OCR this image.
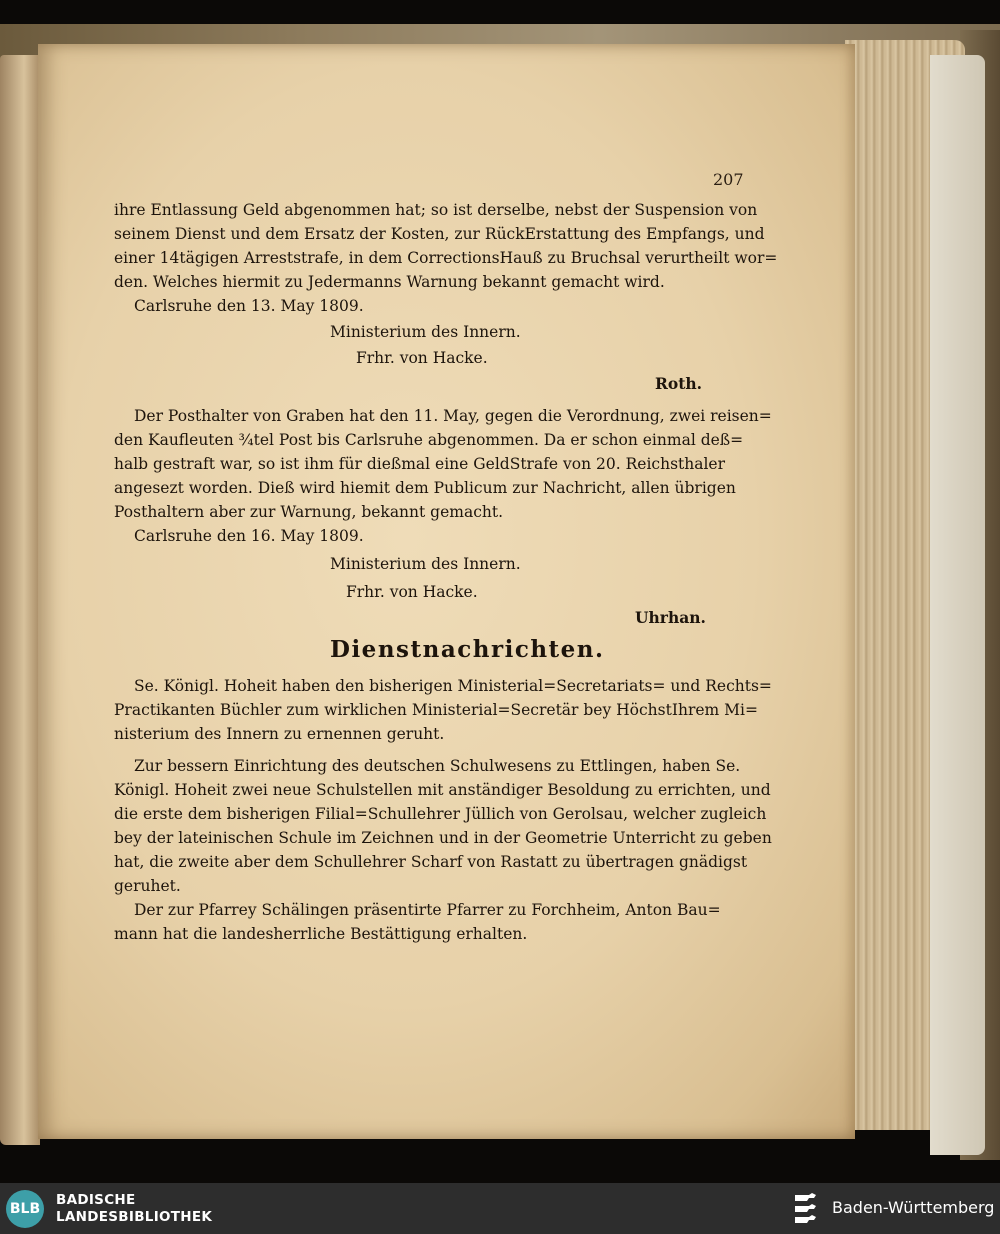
207
ihre Entlassung Geld abgenommen hat; so ist derselbe, nebst der Suspension von
seinem Dienst und dem Ersatz der Kosten, zur RückErstattung des Empfangs, und
einer 14tägigen Arreststrafe, in dem CorrectionsHauß zu Bruchsal verurtheilt wor=
den. Welches hiermit zu Jedermanns Warnung bekannt gemacht wird.
Carlsruhe den 13. May 1809.
Ministerium des Innern.
Frhr. von Hacke.
Roth.
Der Posthalter von Graben hat den 11. May, gegen die Verordnung, zwei reisen=
den Kaufleuten ¾tel Post bis Carlsruhe abgenommen. Da er schon einmal deß=
halb gestraft war, so ist ihm für dießmal eine GeldStrafe von 20. Reichsthaler
angesezt worden. Dieß wird hiemit dem Publicum zur Nachricht, allen übrigen
Posthaltern aber zur Warnung, bekannt gemacht.
Carlsruhe den 16. May 1809.
Ministerium des Innern.
Frhr. von Hacke.
Uhrhan.
Dienstnachrichten.
Se. Königl. Hoheit haben den bisherigen Ministerial=Secretariats= und Rechts=
Practikanten Büchler zum wirklichen Ministerial=Secretär bey HöchstIhrem Mi=
nisterium des Innern zu ernennen geruht.
Zur bessern Einrichtung des deutschen Schulwesens zu Ettlingen, haben Se.
Königl. Hoheit zwei neue Schulstellen mit anständiger Besoldung zu errichten, und
die erste dem bisherigen Filial=Schullehrer Jüllich von Gerolsau, welcher zugleich
bey der lateinischen Schule im Zeichnen und in der Geometrie Unterricht zu geben
hat, die zweite aber dem Schullehrer Scharf von Rastatt zu übertragen gnädigst
geruhet.
Der zur Pfarrey Schälingen präsentirte Pfarrer zu Forchheim, Anton Bau=
mann hat die landesherrliche Bestättigung erhalten.
BLB
BADISCHE
LANDESBIBLIOTHEK	Baden-Württemberg
